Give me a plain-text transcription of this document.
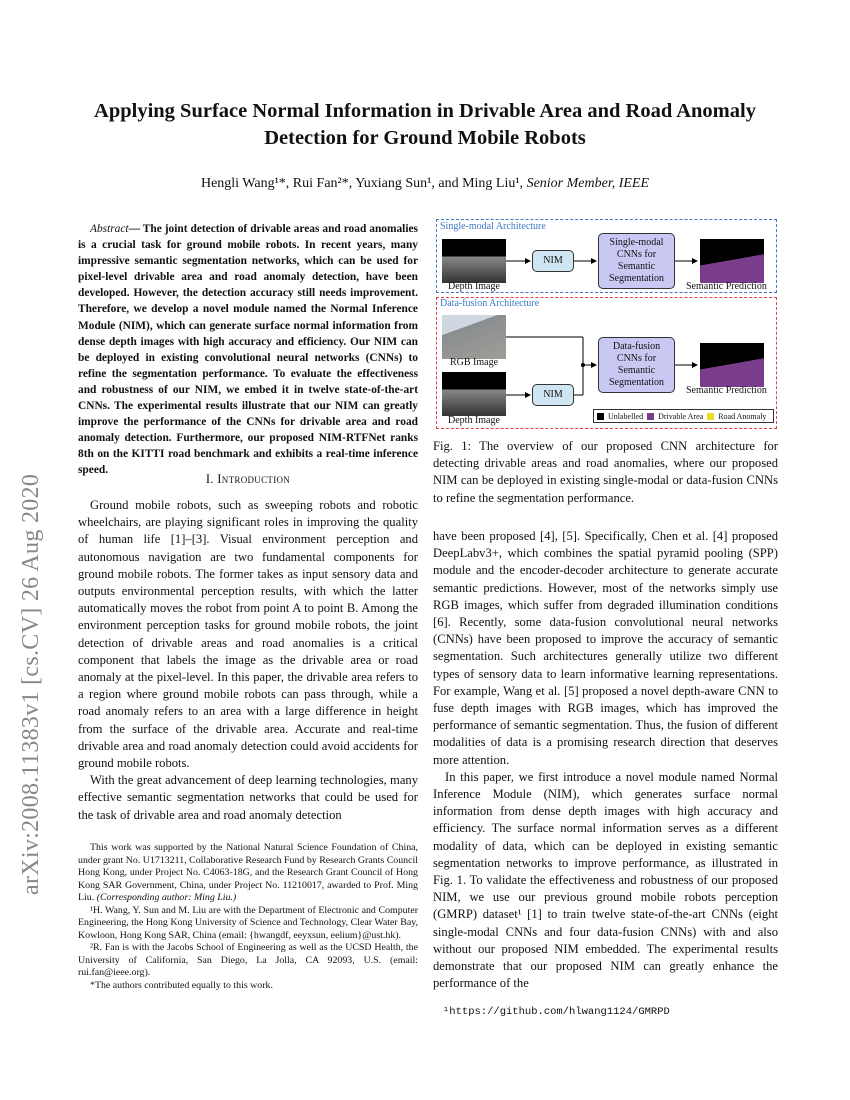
arXiv:2008.11383v1 [cs.CV] 26 Aug 2020
Applying Surface Normal Information in Drivable Area and Road Anomaly Detection for Ground Mobile Robots
Hengli Wang¹*, Rui Fan²*, Yuxiang Sun¹, and Ming Liu¹, Senior Member, IEEE
Abstract— The joint detection of drivable areas and road anomalies is a crucial task for ground mobile robots. In recent years, many impressive semantic segmentation networks, which can be used for pixel-level drivable area and road anomaly detection, have been developed. However, the detection accuracy still needs improvement. Therefore, we develop a novel module named the Normal Inference Module (NIM), which can generate surface normal information from dense depth images with high accuracy and efficiency. Our NIM can be deployed in existing convolutional neural networks (CNNs) to refine the segmentation performance. To evaluate the effectiveness and robustness of our NIM, we embed it in twelve state-of-the-art CNNs. The experimental results illustrate that our NIM can greatly improve the performance of the CNNs for drivable area and road anomaly detection. Furthermore, our proposed NIM-RTFNet ranks 8th on the KITTI road benchmark and exhibits a real-time inference speed.
I. Introduction

Ground mobile robots, such as sweeping robots and robotic wheelchairs, are playing significant roles in improving the quality of human life [1]–[3]. Visual environment perception and autonomous navigation are two fundamental components for ground mobile robots. The former takes as input sensory data and outputs environmental perception results, with which the latter automatically moves the robot from point A to point B. Among the environment perception tasks for ground mobile robots, the joint detection of drivable areas and road anomalies is a critical component that labels the image as the drivable area or road anomaly at the pixel-level. In this paper, the drivable area refers to a region where ground mobile robots can pass through, while a road anomaly refers to an area with a large difference in height from the surface of the drivable area. Accurate and real-time drivable area and road anomaly detection could avoid accidents for ground mobile robots.

With the great advancement of deep learning technologies, many effective semantic segmentation networks that could be used for the task of drivable area and road anomaly detection

This work was supported by the National Natural Science Foundation of China, under grant No. U1713211, Collaborative Research Fund by Research Grants Council Hong Kong, under Project No. C4063-18G, and the Research Grant Council of Hong Kong SAR Government, China, under Project No. 11210017, awarded to Prof. Ming Liu. (Corresponding author: Ming Liu.)

¹H. Wang, Y. Sun and M. Liu are with the Department of Electronic and Computer Engineering, the Hong Kong University of Science and Technology, Clear Water Bay, Kowloon, Hong Kong SAR, China (email: {hwangdf, eeyxsun, eelium}@ust.hk).

²R. Fan is with the Jacobs School of Engineering as well as the UCSD Health, the University of California, San Diego, La Jolla, CA 92093, U.S. (email: rui.fan@ieee.org).

*The authors contributed equally to this work.

Single-modal Architecture
Data-fusion Architecture
Depth Image
NIM
Single-modal CNNs for Semantic Segmentation
Semantic Prediction
RGB Image
Depth Image
NIM
Data-fusion CNNs for Semantic Segmentation
Semantic Prediction
Unlabelled Drivable Area Road Anomaly
Fig. 1: The overview of our proposed CNN architecture for detecting drivable areas and road anomalies, where our proposed NIM can be deployed in existing single-modal or data-fusion CNNs to refine the segmentation performance.

have been proposed [4], [5]. Specifically, Chen et al. [4] proposed DeepLabv3+, which combines the spatial pyramid pooling (SPP) module and the encoder-decoder architecture to generate accurate semantic predictions. However, most of the networks simply use RGB images, which suffer from degraded illumination conditions [6]. Recently, some data-fusion convolutional neural networks (CNNs) have been proposed to improve the accuracy of semantic segmentation. Such architectures generally utilize two different types of sensory data to learn informative learning representations. For example, Wang et al. [5] proposed a novel depth-aware CNN to fuse depth images with RGB images, which has improved the performance of semantic segmentation. Thus, the fusion of different modalities of data is a promising research direction that deserves more attention.

In this paper, we first introduce a novel module named Normal Inference Module (NIM), which generates surface normal information from dense depth images with high accuracy and efficiency. The surface normal information serves as a different modality of data, which can be deployed in existing semantic segmentation networks to improve performance, as illustrated in Fig. 1. To validate the effectiveness and robustness of our proposed NIM, we use our previous ground mobile robots perception (GMRP) dataset¹ [1] to train twelve state-of-the-art CNNs (eight single-modal CNNs and four data-fusion CNNs) with and also without our proposed NIM embedded. The experimental results demonstrate that our proposed NIM can greatly enhance the performance of the

¹https://github.com/hlwang1124/GMRPD
